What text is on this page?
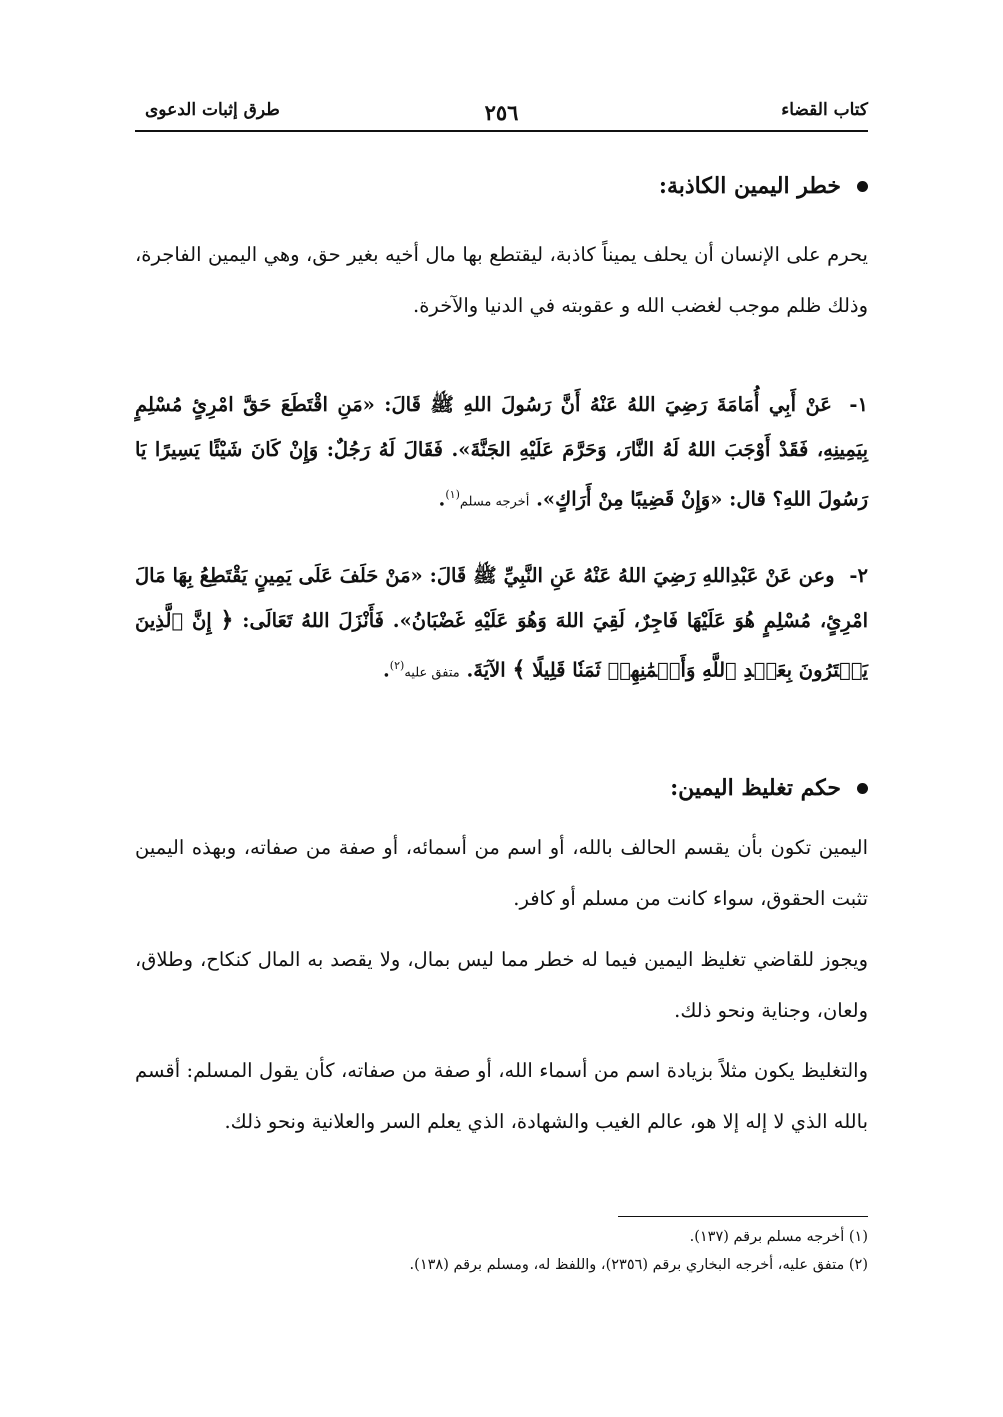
كتاب القضاء
٢٥٦
طرق إثبات الدعوى
خطر اليمين الكاذبة:

يحرم على الإنسان أن يحلف يميناً كاذبة، ليقتطع بها مال أخيه بغير حق، وهي اليمين الفاجرة، وذلك ظلم موجب لغضب الله و عقوبته في الدنيا والآخرة.

١- عَنْ أَبِي أُمَامَةَ رَضِيَ اللهُ عَنْهُ أَنَّ رَسُولَ اللهِ ﷺ قَالَ: «مَنِ اقْتَطَعَ حَقَّ امْرِئٍ مُسْلِمٍ بِيَمِينِهِ، فَقَدْ أَوْجَبَ اللهُ لَهُ النَّارَ، وَحَرَّمَ عَلَيْهِ الجَنَّةَ». فَقَالَ لَهُ رَجُلٌ: وَإِنْ كَانَ شَيْئًا يَسِيرًا يَا رَسُولَ اللهِ؟ قال: «وَإِنْ قَضِيبًا مِنْ أَرَاكٍ». أخرجه مسلم$^{(١)}$.

٢- وعن عَنْ عَبْدِاللهِ رَضِيَ اللهُ عَنْهُ عَنِ النَّبِيِّ ﷺ قَالَ: «مَنْ حَلَفَ عَلَى يَمِينٍ يَقْتَطِعُ بِهَا مَالَ امْرِئٍ، مُسْلِمٍ هُوَ عَلَيْهَا فَاجِرٌ، لَقِيَ اللهَ وَهُوَ عَلَيْهِ غَضْبَانُ». فَأَنْزَلَ اللهُ تَعَالَى: ﴿ إِنَّ ٱلَّذِينَ يَشۡتَرُونَ بِعَهۡدِ ٱللَّهِ وَأَيۡمَٰنِهِمۡ ثَمَنٗا قَلِيلًا ﴾ الآيَةَ. متفق عليه$^{(٢)}$.

حكم تغليظ اليمين:

اليمين تكون بأن يقسم الحالف بالله، أو اسم من أسمائه، أو صفة من صفاته، وبهذه اليمين تثبت الحقوق، سواء كانت من مسلم أو كافر.

ويجوز للقاضي تغليظ اليمين فيما له خطر مما ليس بمال، ولا يقصد به المال كنكاح، وطلاق، ولعان، وجناية ونحو ذلك.

والتغليظ يكون مثلاً بزيادة اسم من أسماء الله، أو صفة من صفاته، كأن يقول المسلم: أقسم بالله الذي لا إله إلا هو، عالم الغيب والشهادة، الذي يعلم السر والعلانية ونحو ذلك.

(١) أخرجه مسلم برقم (١٣٧).
(٢) متفق عليه، أخرجه البخاري برقم (٢٣٥٦)، واللفظ له، ومسلم برقم (١٣٨).
